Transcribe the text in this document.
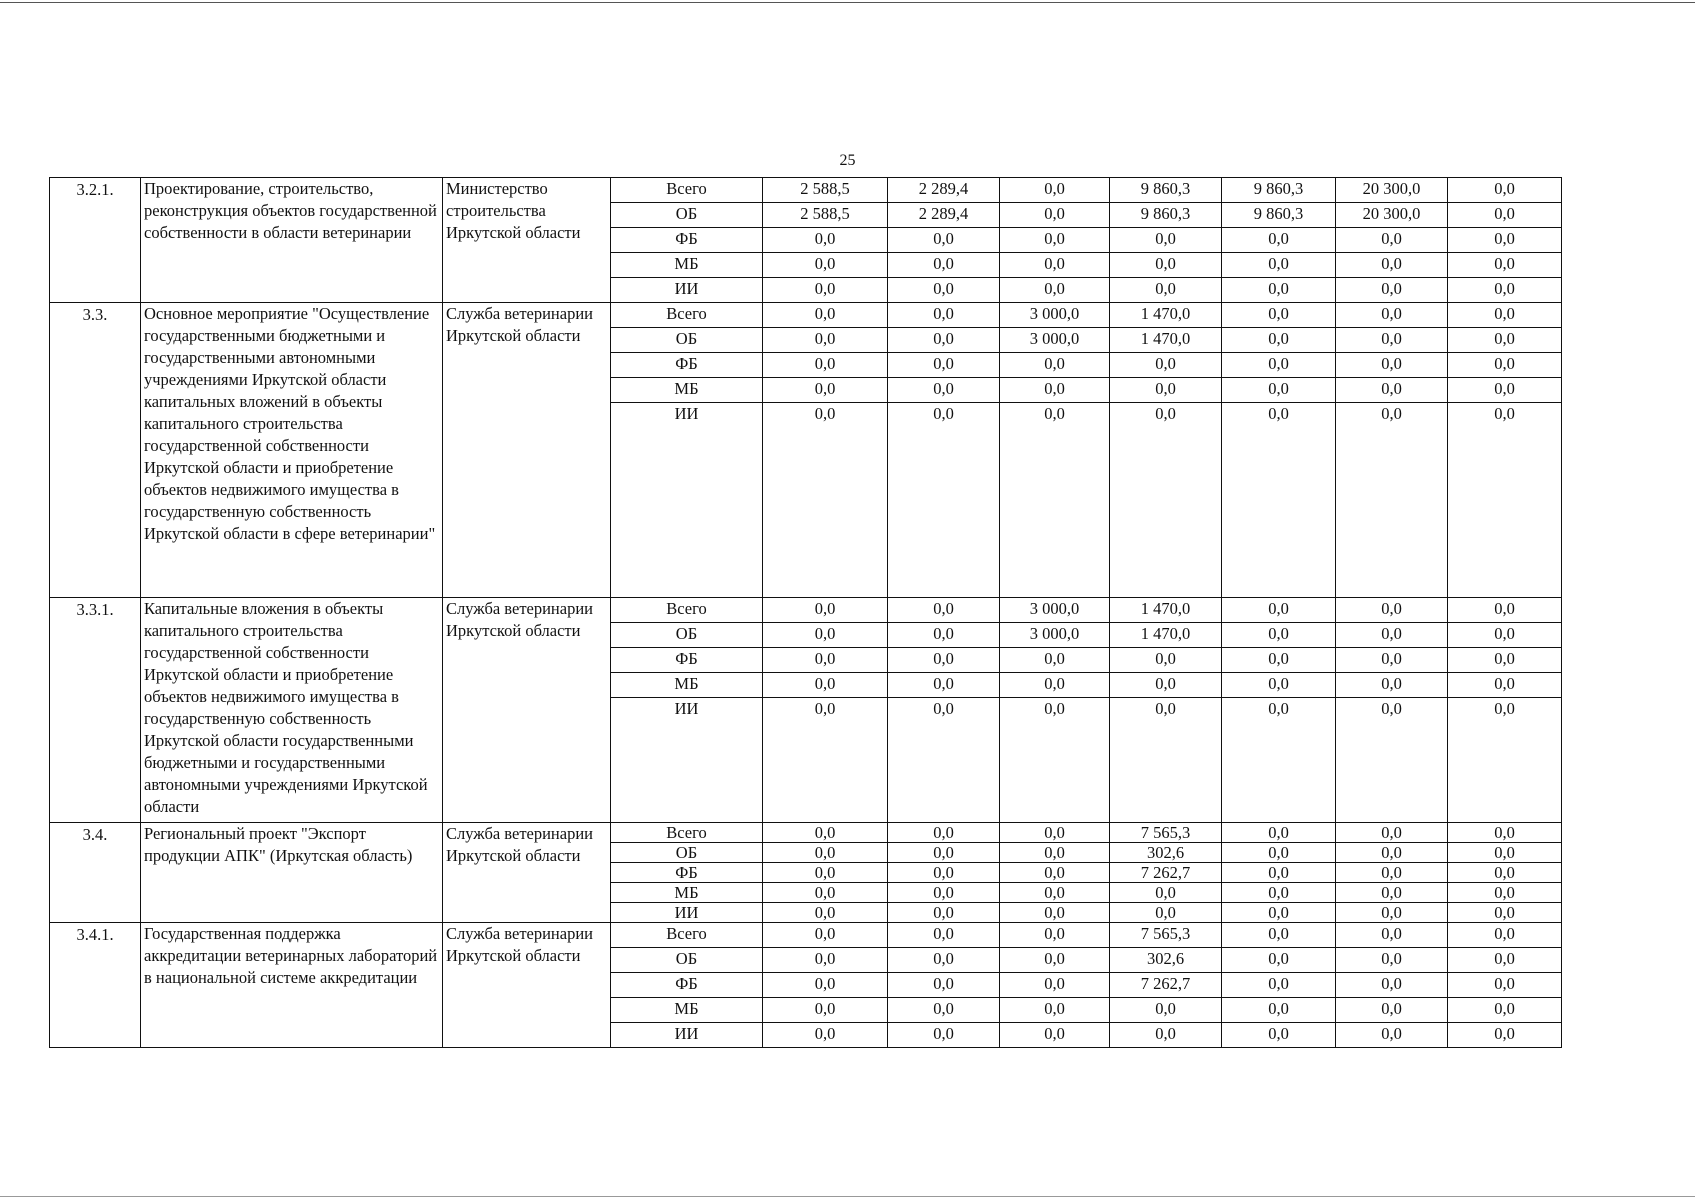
25
3.2.1.	Проектирование, строительство, реконструкция объектов государственной собственности в области ветеринарии	Министерство строительства Иркутской области	Всего	2 588,5	2 289,4	0,0	9 860,3	9 860,3	20 300,0	0,0
			ОБ	2 588,5	2 289,4	0,0	9 860,3	9 860,3	20 300,0	0,0
			ФБ	0,0	0,0	0,0	0,0	0,0	0,0	0,0
			МБ	0,0	0,0	0,0	0,0	0,0	0,0	0,0
			ИИ	0,0	0,0	0,0	0,0	0,0	0,0	0,0
3.3.	Основное мероприятие "Осуществление государственными бюджетными и государственными автономными учреждениями Иркутской области капитальных вложений в объекты капитального строительства государственной собственности Иркутской области и приобретение объектов недвижимого имущества в государственную собственность Иркутской области в сфере ветеринарии"	Служба ветеринарии Иркутской области	Всего	0,0	0,0	3 000,0	1 470,0	0,0	0,0	0,0
			ОБ	0,0	0,0	3 000,0	1 470,0	0,0	0,0	0,0
			ФБ	0,0	0,0	0,0	0,0	0,0	0,0	0,0
			МБ	0,0	0,0	0,0	0,0	0,0	0,0	0,0
			ИИ	0,0	0,0	0,0	0,0	0,0	0,0	0,0
3.3.1.	Капитальные вложения в объекты капитального строительства государственной собственности Иркутской области и приобретение объектов недвижимого имущества в государственную собственность Иркутской области государственными бюджетными и государственными автономными учреждениями Иркутской области	Служба ветеринарии Иркутской области	Всего	0,0	0,0	3 000,0	1 470,0	0,0	0,0	0,0
			ОБ	0,0	0,0	3 000,0	1 470,0	0,0	0,0	0,0
			ФБ	0,0	0,0	0,0	0,0	0,0	0,0	0,0
			МБ	0,0	0,0	0,0	0,0	0,0	0,0	0,0
			ИИ	0,0	0,0	0,0	0,0	0,0	0,0	0,0
3.4.	Региональный проект "Экспорт продукции АПК" (Иркутская область)	Служба ветеринарии Иркутской области	Всего	0,0	0,0	0,0	7 565,3	0,0	0,0	0,0
			ОБ	0,0	0,0	0,0	302,6	0,0	0,0	0,0
			ФБ	0,0	0,0	0,0	7 262,7	0,0	0,0	0,0
			МБ	0,0	0,0	0,0	0,0	0,0	0,0	0,0
			ИИ	0,0	0,0	0,0	0,0	0,0	0,0	0,0
3.4.1.	Государственная поддержка аккредитации ветеринарных лабораторий в национальной системе аккредитации	Служба ветеринарии Иркутской области	Всего	0,0	0,0	0,0	7 565,3	0,0	0,0	0,0
			ОБ	0,0	0,0	0,0	302,6	0,0	0,0	0,0
			ФБ	0,0	0,0	0,0	7 262,7	0,0	0,0	0,0
			МБ	0,0	0,0	0,0	0,0	0,0	0,0	0,0
			ИИ	0,0	0,0	0,0	0,0	0,0	0,0	0,0
